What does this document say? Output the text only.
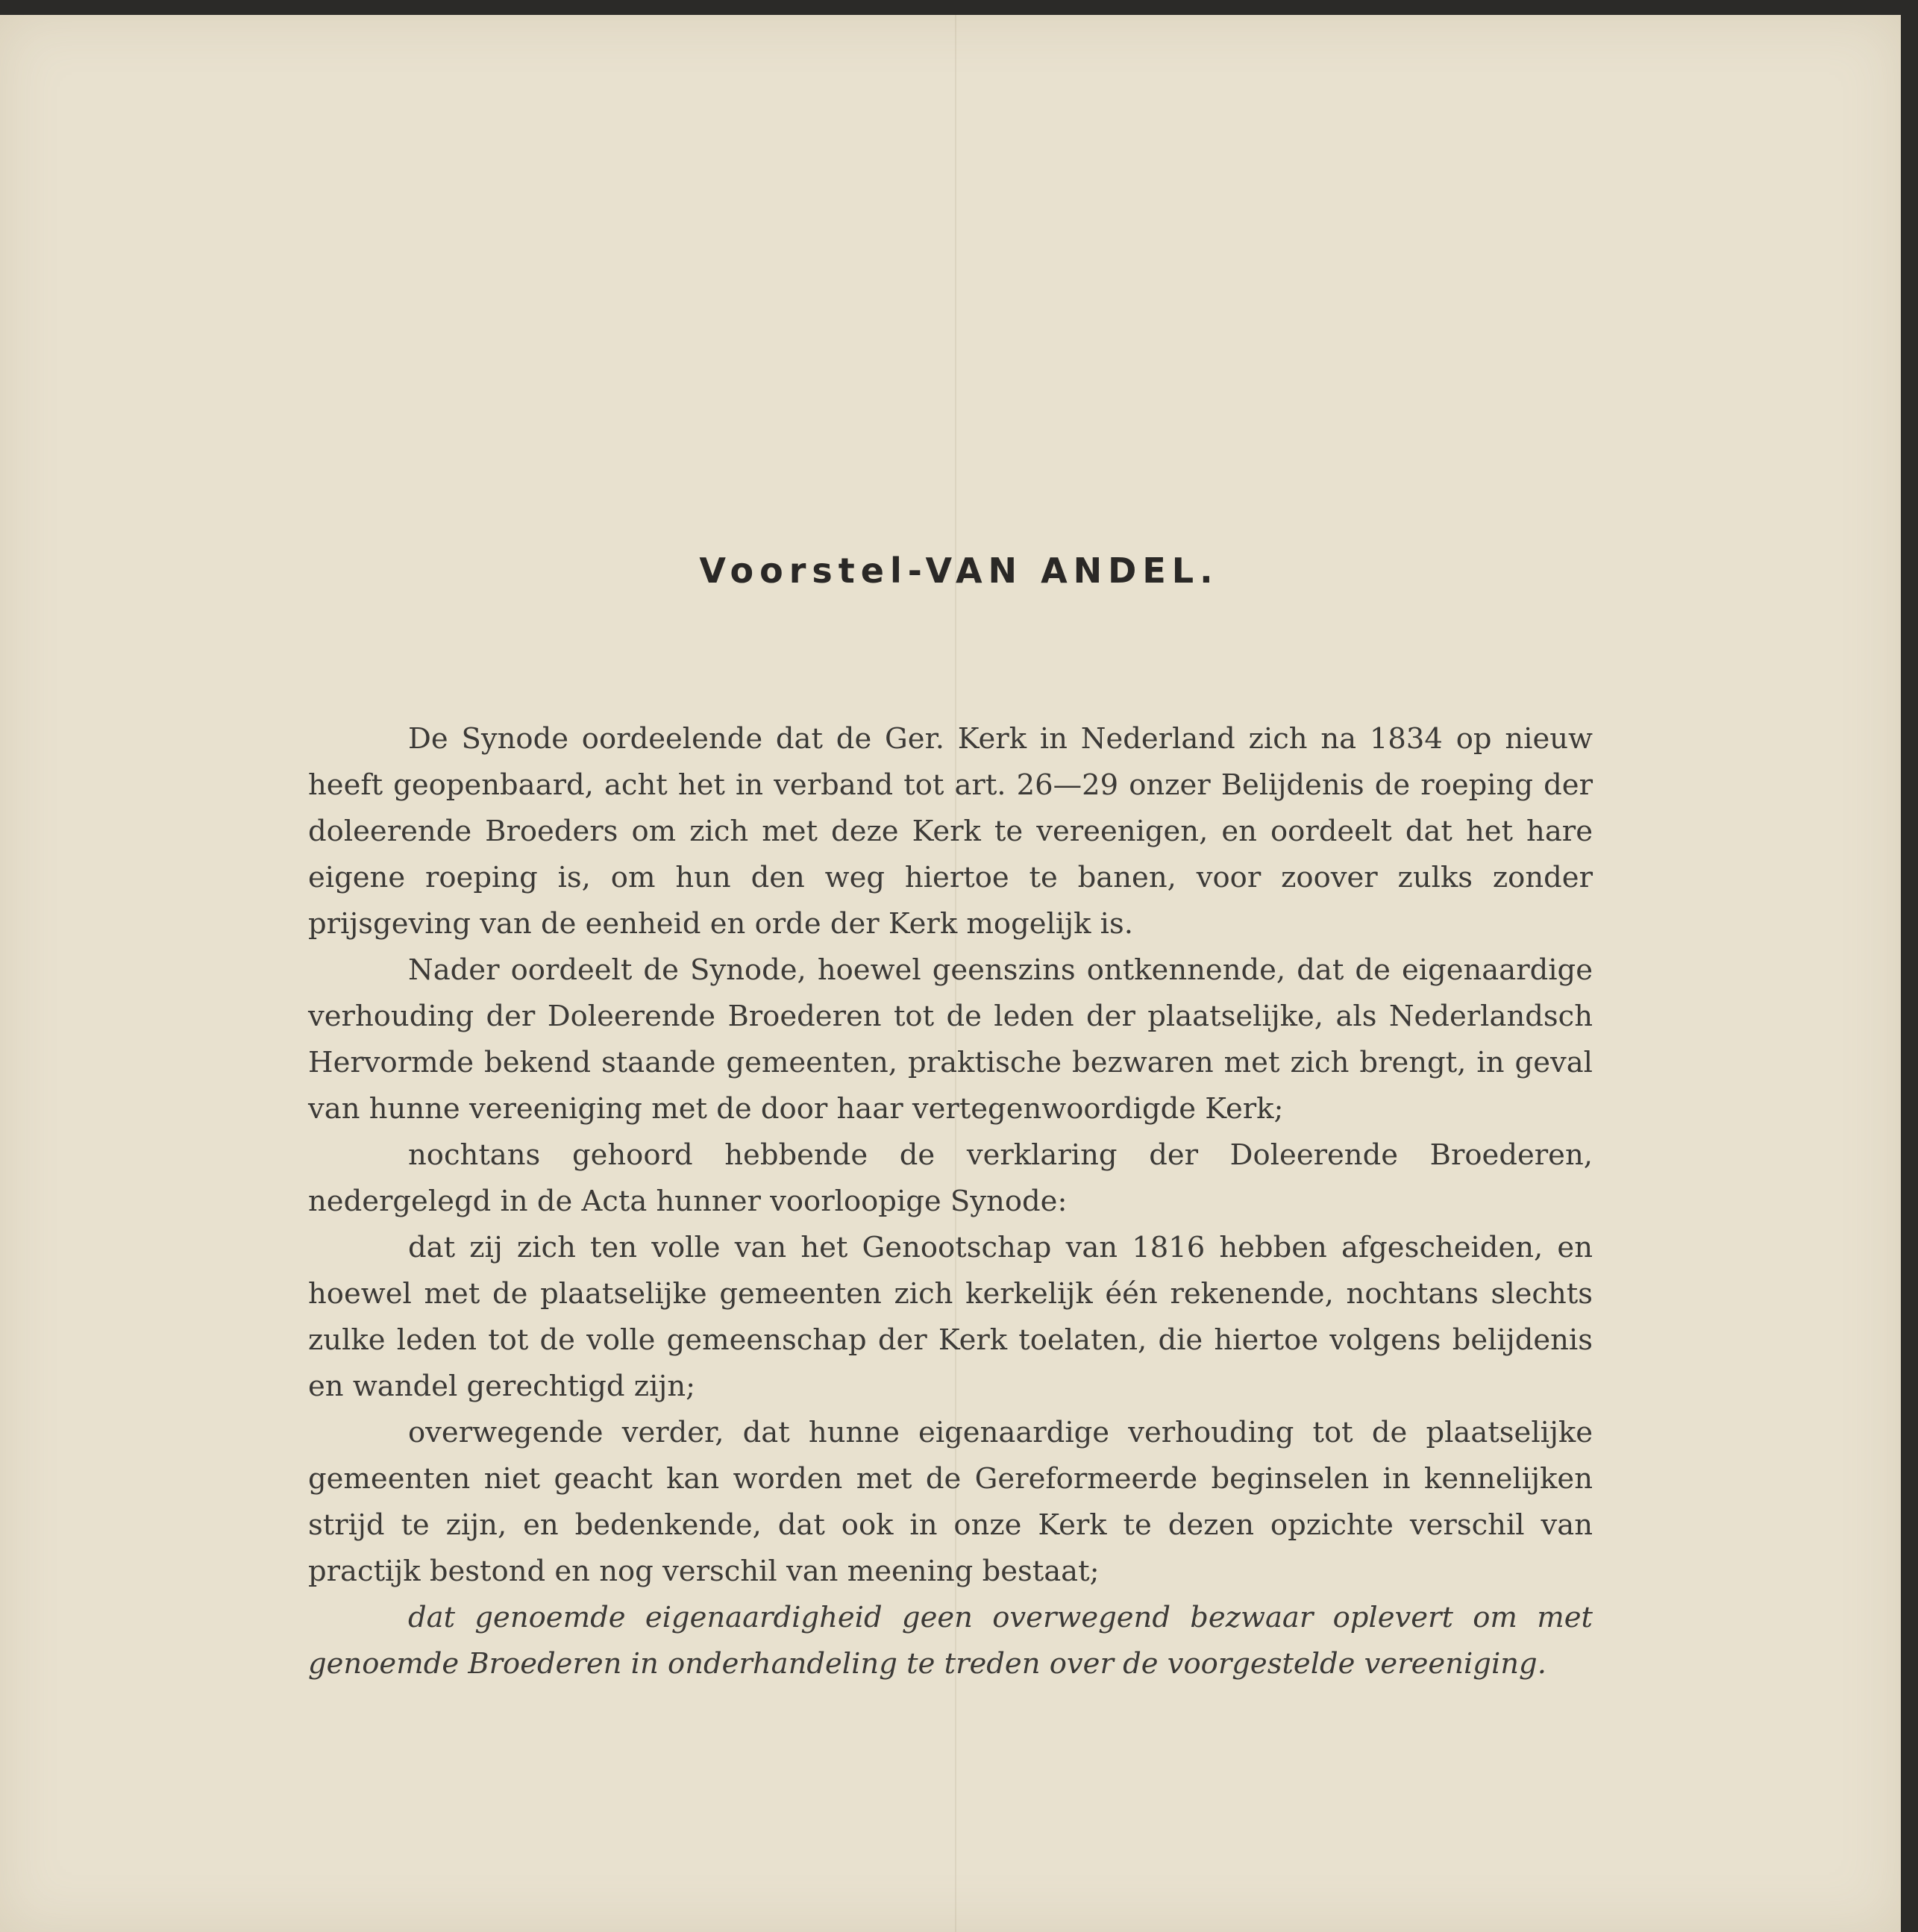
Voorstel-VAN ANDEL.

De Synode oordeelende dat de Ger. Kerk in Nederland zich na 1834 op nieuw heeft geopenbaard, acht het in verband tot art. 26—29 onzer Belijdenis de roeping der doleerende Broeders om zich met deze Kerk te vereenigen, en oordeelt dat het hare eigene roeping is, om hun den weg hiertoe te banen, voor zoover zulks zonder prijsgeving van de eenheid en orde der Kerk mogelijk is.

Nader oordeelt de Synode, hoewel geenszins ontkennende, dat de eigenaardige verhouding der Doleerende Broederen tot de leden der plaatselijke, als Nederlandsch Hervormde bekend staande gemeenten, praktische bezwaren met zich brengt, in geval van hunne vereeniging met de door haar vertegenwoordigde Kerk;

nochtans gehoord hebbende de verklaring der Doleerende Broederen, nedergelegd in de Acta hunner voorloopige Synode:

dat zij zich ten volle van het Genootschap van 1816 hebben afgescheiden, en hoewel met de plaatselijke gemeenten zich kerkelijk één rekenende, nochtans slechts zulke leden tot de volle gemeenschap der Kerk toelaten, die hiertoe volgens belijdenis en wandel gerechtigd zijn;

overwegende verder, dat hunne eigenaardige verhouding tot de plaatselijke gemeenten niet geacht kan worden met de Gereformeerde beginselen in kennelijken strijd te zijn, en bedenkende, dat ook in onze Kerk te dezen opzichte verschil van practijk bestond en nog verschil van meening bestaat;

dat genoemde eigenaardigheid geen overwegend bezwaar oplevert om met genoemde Broederen in onderhandeling te treden over de voorgestelde vereeniging.
